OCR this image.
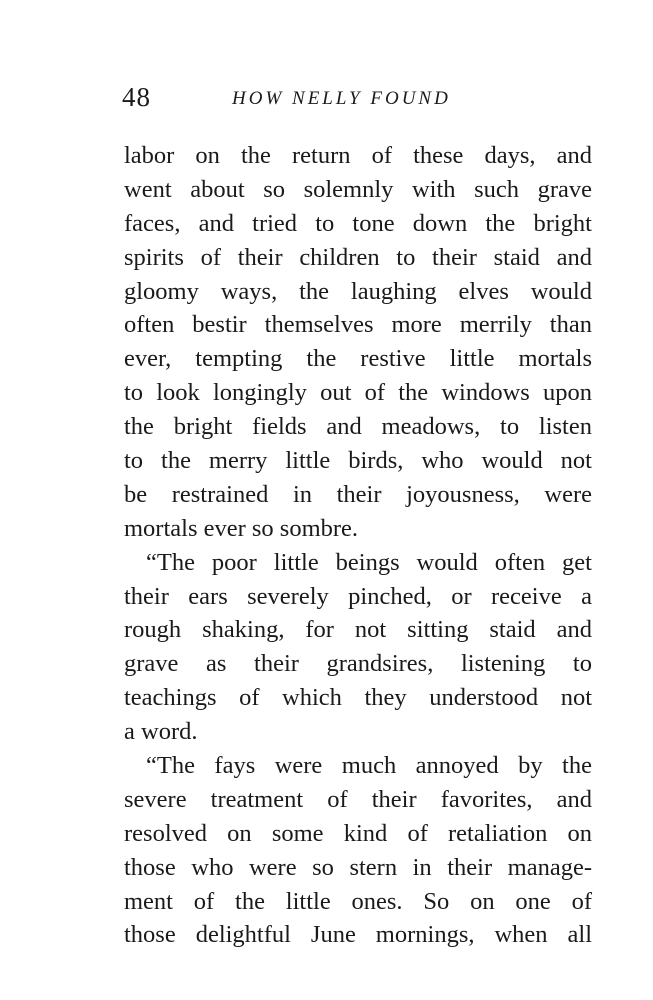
48	HOW NELLY FOUND
labor on the return of these days, and
went about so solemnly with such grave
faces, and tried to tone down the bright
spirits of their children to their staid and
gloomy ways, the laughing elves would
often bestir themselves more merrily than
ever, tempting the restive little mortals
to look longingly out of the windows upon
the bright fields and meadows, to listen
to the merry little birds, who would not
be restrained in their joyousness, were
mortals ever so sombre.
“The poor little beings would often get
their ears severely pinched, or receive a
rough shaking, for not sitting staid and
grave as their grandsires, listening to
teachings of which they understood not
a word.
“The fays were much annoyed by the
severe treatment of their favorites, and
resolved on some kind of retaliation on
those who were so stern in their manage-
ment of the little ones. So on one of
those delightful June mornings, when all
